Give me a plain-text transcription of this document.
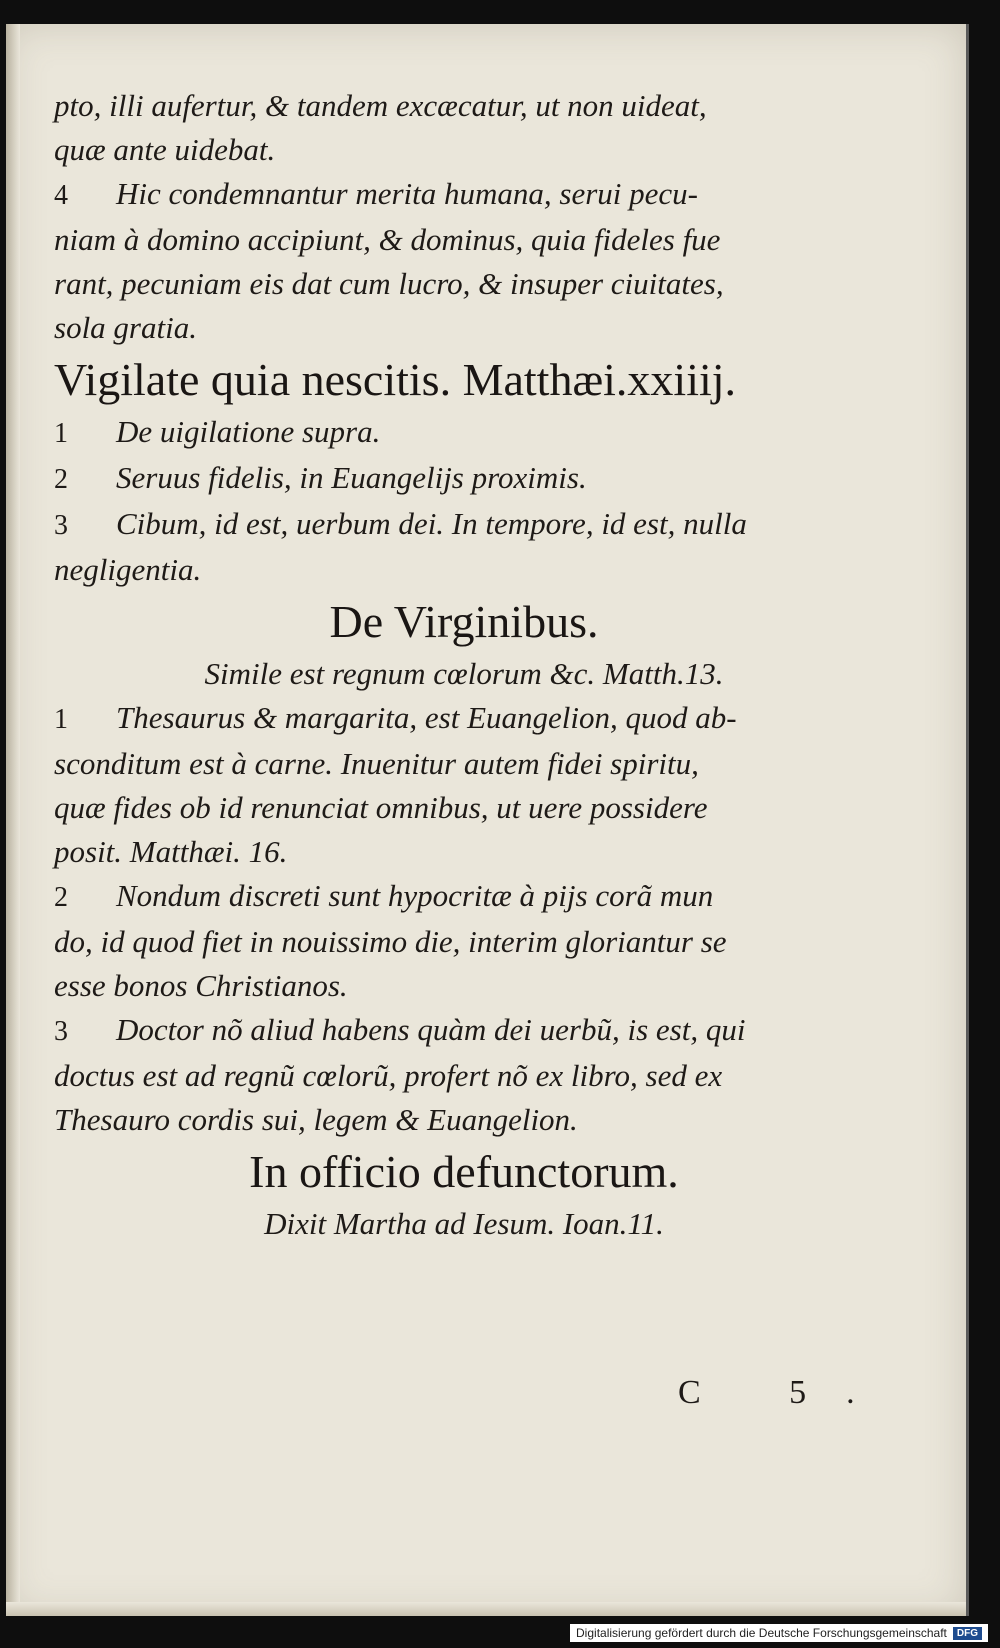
pto, illi aufertur, & tandem excæcatur, ut non uideat,
quæ ante uidebat.
4 Hic condemnantur merita humana, serui pecu-
niam à domino accipiunt, & dominus, quia fideles fue
rant, pecuniam eis dat cum lucro, & insuper ciuitates,
sola gratia.
Vigilate quia nescitis. Matthæi.xxiiij.
1 De uigilatione supra.
2 Seruus fidelis, in Euangelijs proximis.
3 Cibum, id est, uerbum dei. In tempore, id est, nulla
negligentia.
De Virginibus.
Simile est regnum cœlorum &c. Matth.13.
1 Thesaurus & margarita, est Euangelion, quod ab-
sconditum est à carne. Inuenitur autem fidei spiritu,
quæ fides ob id renunciat omnibus, ut uere possidere
posit. Matthæi. 16.
2 Nondum discreti sunt hypocritæ à pijs corã mun
do, id quod fiet in nouissimo die, interim gloriantur se
esse bonos Christianos.
3 Doctor nõ aliud habens quàm dei uerbũ, is est, qui
doctus est ad regnũ cœlorũ, profert nõ ex libro, sed ex
Thesauro cordis sui, legem & Euangelion.
In officio defunctorum.
Dixit Martha ad Iesum. Ioan.11.
C 5.
Digitalisierung gefördert durch die Deutsche Forschungsgemeinschaft	DFG
